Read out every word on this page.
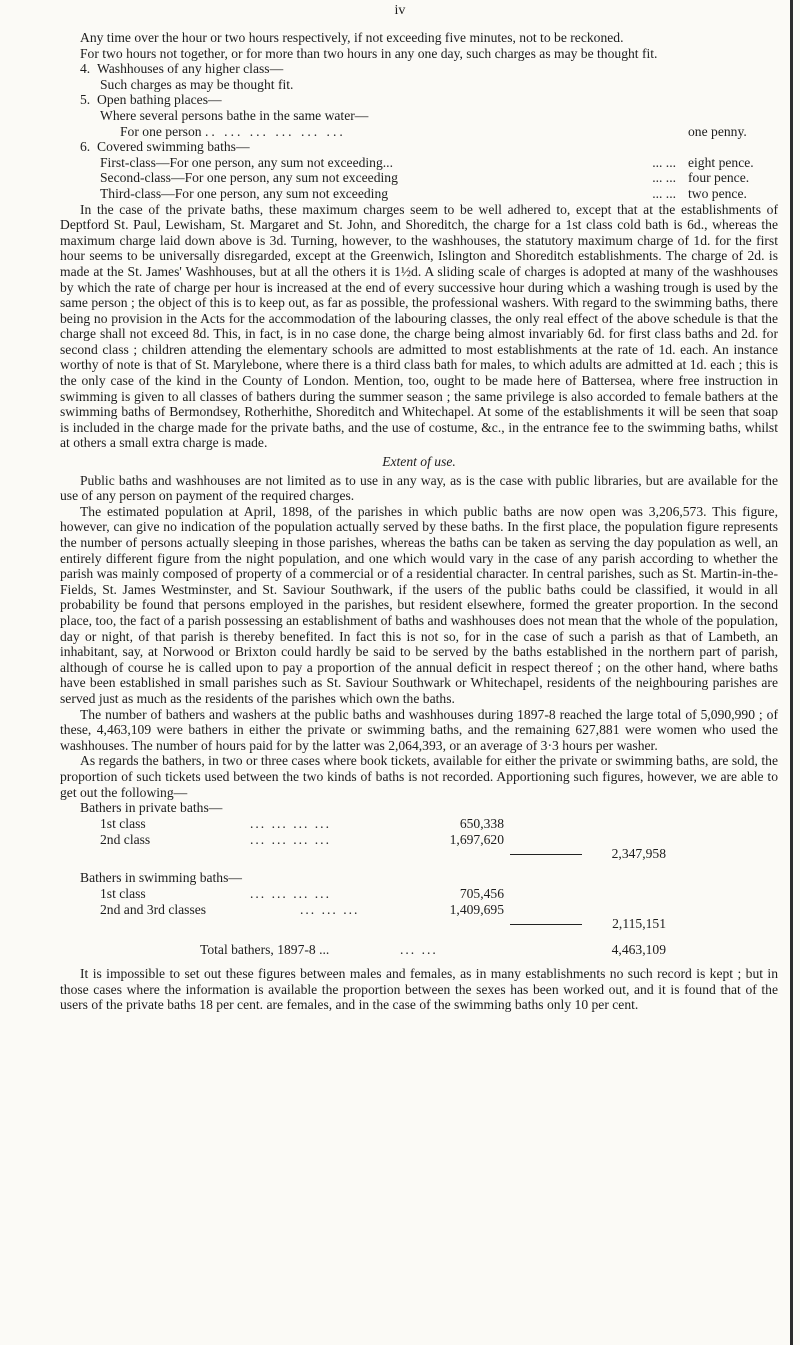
iv

Any time over the hour or two hours respectively, if not exceeding five minutes, not to be reckoned.

For two hours not together, or for more than two hours in any one day, such charges as may be thought fit.

4. Washhouses of any higher class—

Such charges as may be thought fit.

5. Open bathing places—

Where several persons bathe in the same water—

For one person .. ... ... ... ... ...	one penny.

6. Covered swimming baths—

First-class—For one person, any sum not exceeding...	... ... eight pence.
Second-class—For one person, any sum not exceeding	... ... four pence.
Third-class—For one person, any sum not exceeding	... ... two pence.

In the case of the private baths, these maximum charges seem to be well adhered to, except that at the establishments of Deptford St. Paul, Lewisham, St. Margaret and St. John, and Shoreditch, the charge for a 1st class cold bath is 6d., whereas the maximum charge laid down above is 3d. Turning, however, to the washhouses, the statutory maximum charge of 1d. for the first hour seems to be universally disregarded, except at the Greenwich, Islington and Shoreditch establishments. The charge of 2d. is made at the St. James' Washhouses, but at all the others it is 1½d. A sliding scale of charges is adopted at many of the washhouses by which the rate of charge per hour is increased at the end of every successive hour during which a washing trough is used by the same person ; the object of this is to keep out, as far as possible, the professional washers. With regard to the swimming baths, there being no provision in the Acts for the accommodation of the labouring classes, the only real effect of the above schedule is that the charge shall not exceed 8d. This, in fact, is in no case done, the charge being almost invariably 6d. for first class baths and 2d. for second class ; children attending the elementary schools are admitted to most establishments at the rate of 1d. each. An instance worthy of note is that of St. Marylebone, where there is a third class bath for males, to which adults are admitted at 1d. each ; this is the only case of the kind in the County of London. Mention, too, ought to be made here of Battersea, where free instruction in swimming is given to all classes of bathers during the summer season ; the same privilege is also accorded to female bathers at the swimming baths of Bermondsey, Rotherhithe, Shoreditch and Whitechapel. At some of the establishments it will be seen that soap is included in the charge made for the private baths, and the use of costume, &c., in the entrance fee to the swimming baths, whilst at others a small extra charge is made.

Extent of use.

Public baths and washhouses are not limited as to use in any way, as is the case with public libraries, but are available for the use of any person on payment of the required charges.

The estimated population at April, 1898, of the parishes in which public baths are now open was 3,206,573. This figure, however, can give no indication of the population actually served by these baths. In the first place, the population figure represents the number of persons actually sleeping in those parishes, whereas the baths can be taken as serving the day population as well, an entirely different figure from the night population, and one which would vary in the case of any parish according to whether the parish was mainly composed of property of a commercial or of a residential character. In central parishes, such as St. Martin-in-the-Fields, St. James Westminster, and St. Saviour Southwark, if the users of the public baths could be classified, it would in all probability be found that persons employed in the parishes, but resident elsewhere, formed the greater proportion. In the second place, too, the fact of a parish possessing an establishment of baths and washhouses does not mean that the whole of the population, day or night, of that parish is thereby benefited. In fact this is not so, for in the case of such a parish as that of Lambeth, an inhabitant, say, at Norwood or Brixton could hardly be said to be served by the baths established in the northern part of parish, although of course he is called upon to pay a proportion of the annual deficit in respect thereof ; on the other hand, where baths have been established in small parishes such as St. Saviour Southwark or Whitechapel, residents of the neighbouring parishes are served just as much as the residents of the parishes which own the baths.

The number of bathers and washers at the public baths and washhouses during 1897-8 reached the large total of 5,090,990 ; of these, 4,463,109 were bathers in either the private or swimming baths, and the remaining 627,881 were women who used the washhouses. The number of hours paid for by the latter was 2,064,393, or an average of 3·3 hours per washer.

As regards the bathers, in two or three cases where book tickets, available for either the private or swimming baths, are sold, the proportion of such tickets used between the two kinds of baths is not recorded. Apportioning such figures, however, we are able to get out the following—

Bathers in private baths—
1st class	... ... ... ...	650,338
2nd class	... ... ... ...	1,697,620
2,347,958
Bathers in swimming baths—
1st class	... ... ... ...	705,456
2nd and 3rd classes	... ... ...	1,409,695
2,115,151
Total bathers, 1897-8 ...	... ...	4,463,109

It is impossible to set out these figures between males and females, as in many establishments no such record is kept ; but in those cases where the information is available the proportion between the sexes has been worked out, and it is found that of the users of the private baths 18 per cent. are females, and in the case of the swimming baths only 10 per cent.
